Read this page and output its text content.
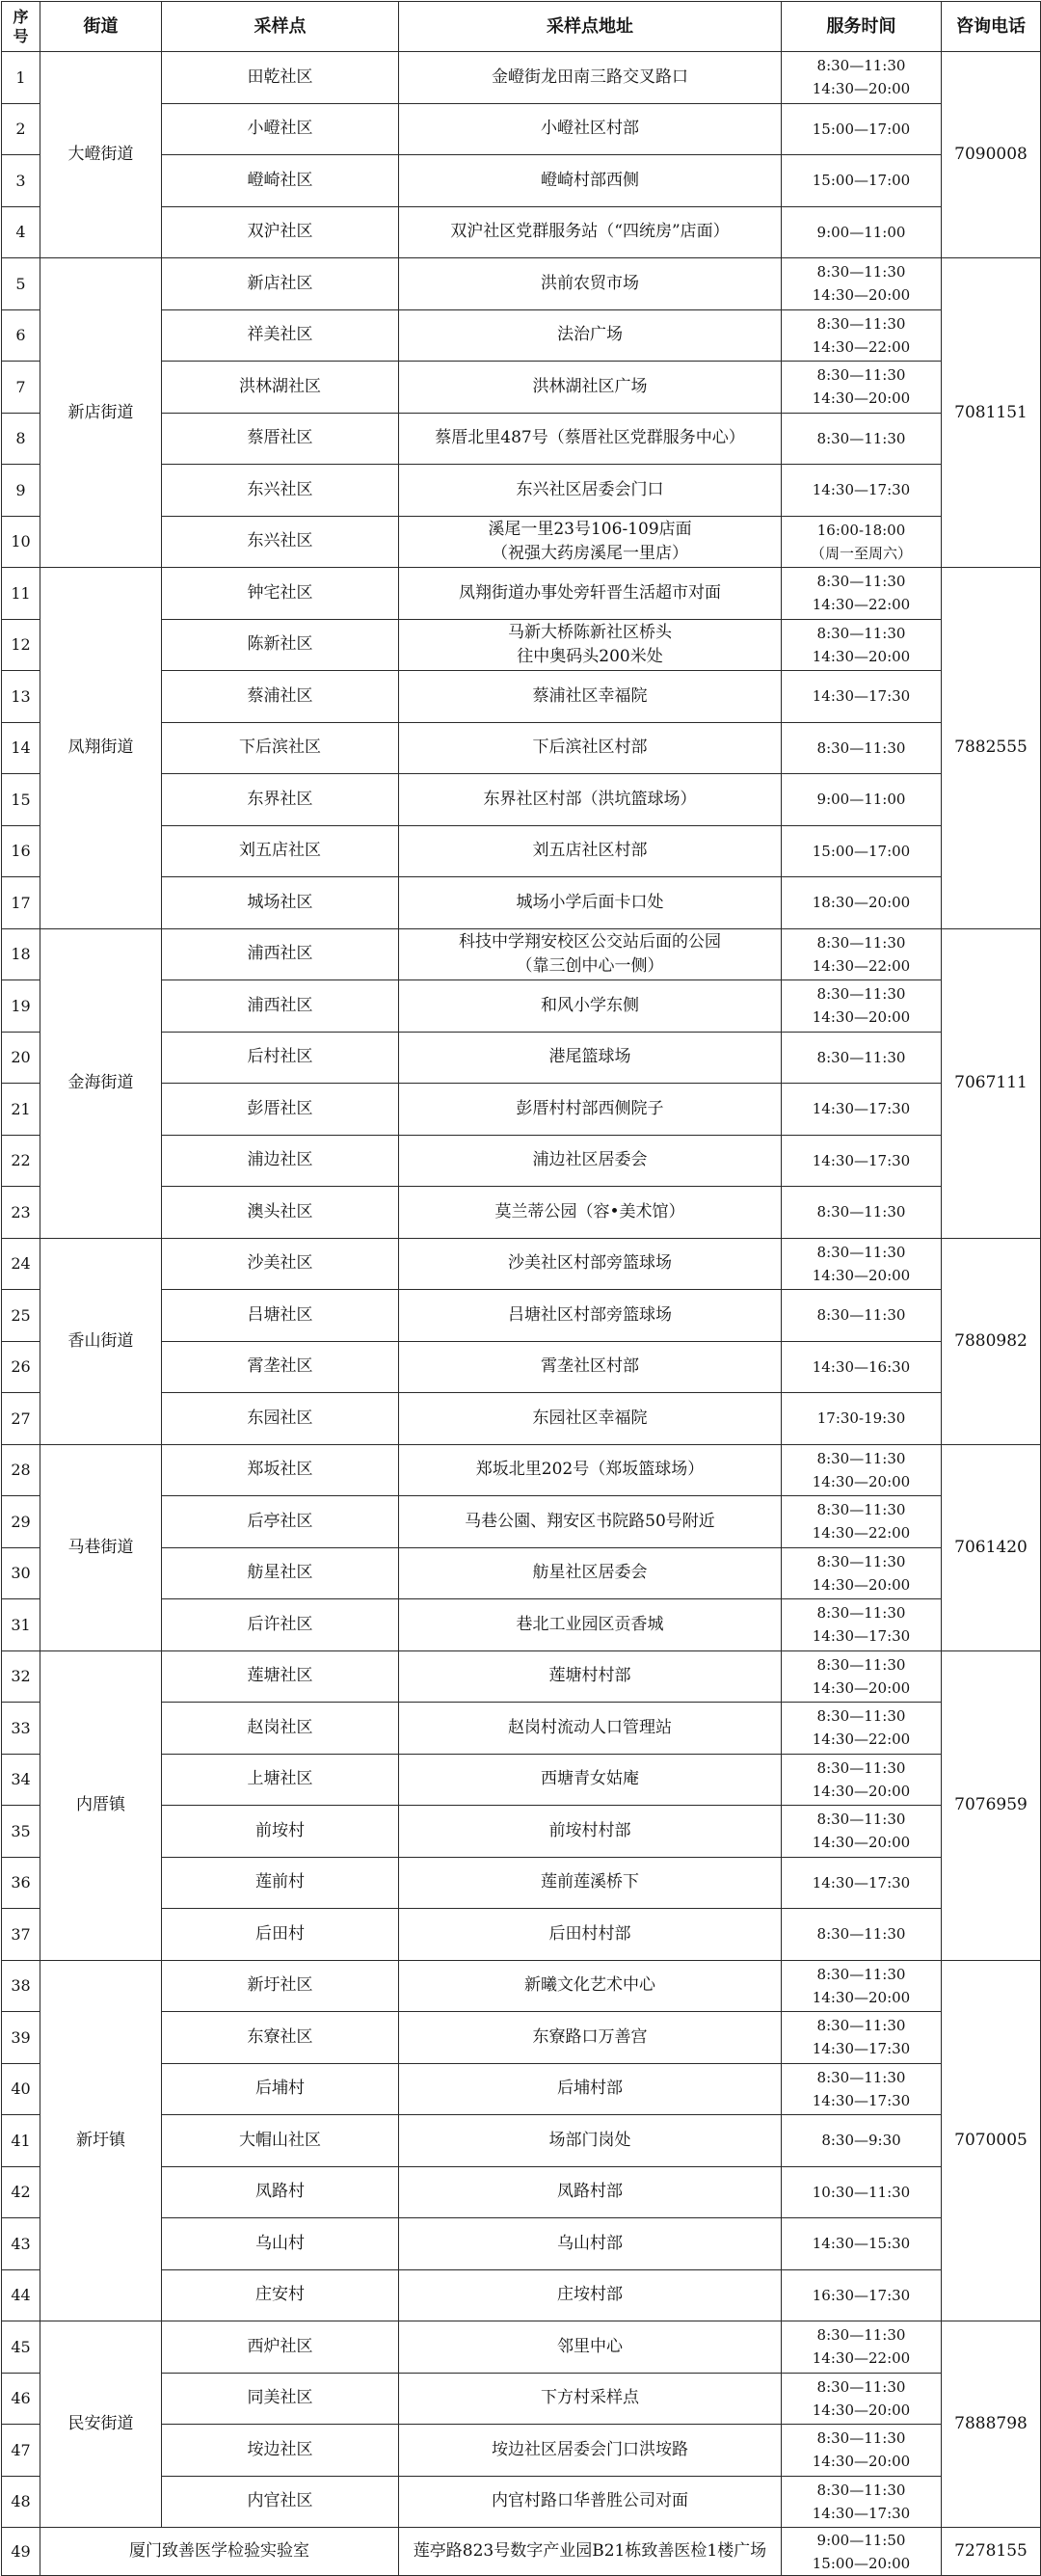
序
号	街道	采样点	采样点地址	服务时间	咨询电话
1	大嶝街道	田乾社区	金嶝街龙田南三路交叉路口	8:30—11:30
14:30—20:00	7090008
2		小嶝社区	小嶝社区村部	15:00—17:00	
3		嶝崎社区	嶝崎村部西侧	15:00—17:00	
4		双沪社区	双沪社区党群服务站（“四统房”店面）	9:00—11:00	
5	新店街道	新店社区	洪前农贸市场	8:30—11:30
14:30—20:00	7081151
6		祥美社区	法治广场	8:30—11:30
14:30—22:00	
7		洪林湖社区	洪林湖社区广场	8:30—11:30
14:30—20:00	
8		蔡厝社区	蔡厝北里487号（蔡厝社区党群服务中心）	8:30—11:30	
9		东兴社区	东兴社区居委会门口	14:30—17:30	
10		东兴社区	溪尾一里23号106-109店面
（祝强大药房溪尾一里店）	16:00-18:00
（周一至周六）	
11	凤翔街道	钟宅社区	凤翔街道办事处旁轩晋生活超市对面	8:30—11:30
14:30—22:00	7882555
12		陈新社区	马新大桥陈新社区桥头
往中奥码头200米处	8:30—11:30
14:30—20:00	
13		蔡浦社区	蔡浦社区幸福院	14:30—17:30	
14		下后滨社区	下后滨社区村部	8:30—11:30	
15		东界社区	东界社区村部（洪坑篮球场）	9:00—11:00	
16		刘五店社区	刘五店社区村部	15:00—17:00	
17		城场社区	城场小学后面卡口处	18:30—20:00	
18	金海街道	浦西社区	科技中学翔安校区公交站后面的公园
（靠三创中心一侧）	8:30—11:30
14:30—22:00	7067111
19		浦西社区	和风小学东侧	8:30—11:30
14:30—20:00	
20		后村社区	港尾篮球场	8:30—11:30	
21		彭厝社区	彭厝村村部西侧院子	14:30—17:30	
22		浦边社区	浦边社区居委会	14:30—17:30	
23		澳头社区	莫兰蒂公园（容•美术馆）	8:30—11:30	
24	香山街道	沙美社区	沙美社区村部旁篮球场	8:30—11:30
14:30—20:00	7880982
25		吕塘社区	吕塘社区村部旁篮球场	8:30—11:30	
26		霄垄社区	霄垄社区村部	14:30—16:30	
27		东园社区	东园社区幸福院	17:30-19:30	
28	马巷街道	郑坂社区	郑坂北里202号（郑坂篮球场）	8:30—11:30
14:30—20:00	7061420
29		后亭社区	马巷公園、翔安区书院路50号附近	8:30—11:30
14:30—22:00	
30		舫星社区	舫星社区居委会	8:30—11:30
14:30—20:00	
31		后许社区	巷北工业园区贡香城	8:30—11:30
14:30—17:30	
32	内厝镇	莲塘社区	莲塘村村部	8:30—11:30
14:30—20:00	7076959
33		赵岗社区	赵岗村流动人口管理站	8:30—11:30
14:30—22:00	
34		上塘社区	西塘青女姑庵	8:30—11:30
14:30—20:00	
35		前垵村	前垵村村部	8:30—11:30
14:30—20:00	
36		莲前村	莲前莲溪桥下	14:30—17:30	
37		后田村	后田村村部	8:30—11:30	
38	新圩镇	新圩社区	新曦文化艺术中心	8:30—11:30
14:30—20:00	7070005
39		东寮社区	东寮路口万善宫	8:30—11:30
14:30—17:30	
40		后埔村	后埔村部	8:30—11:30
14:30—17:30	
41		大帽山社区	场部门岗处	8:30—9:30	
42		凤路村	凤路村部	10:30—11:30	
43		乌山村	乌山村部	14:30—15:30	
44		庄安村	庄垵村部	16:30—17:30	
45	民安街道	西炉社区	邻里中心	8:30—11:30
14:30—22:00	7888798
46		同美社区	下方村采样点	8:30—11:30
14:30—20:00	
47		垵边社区	垵边社区居委会门口洪垵路	8:30—11:30
14:30—20:00	
48		内官社区	内官村路口华普胜公司对面	8:30—11:30
14:30—17:30	
49	厦门致善医学检验实验室		莲亭路823号数字产业园B21栋致善医检1楼广场	9:00—11:50
15:00—20:00	7278155
